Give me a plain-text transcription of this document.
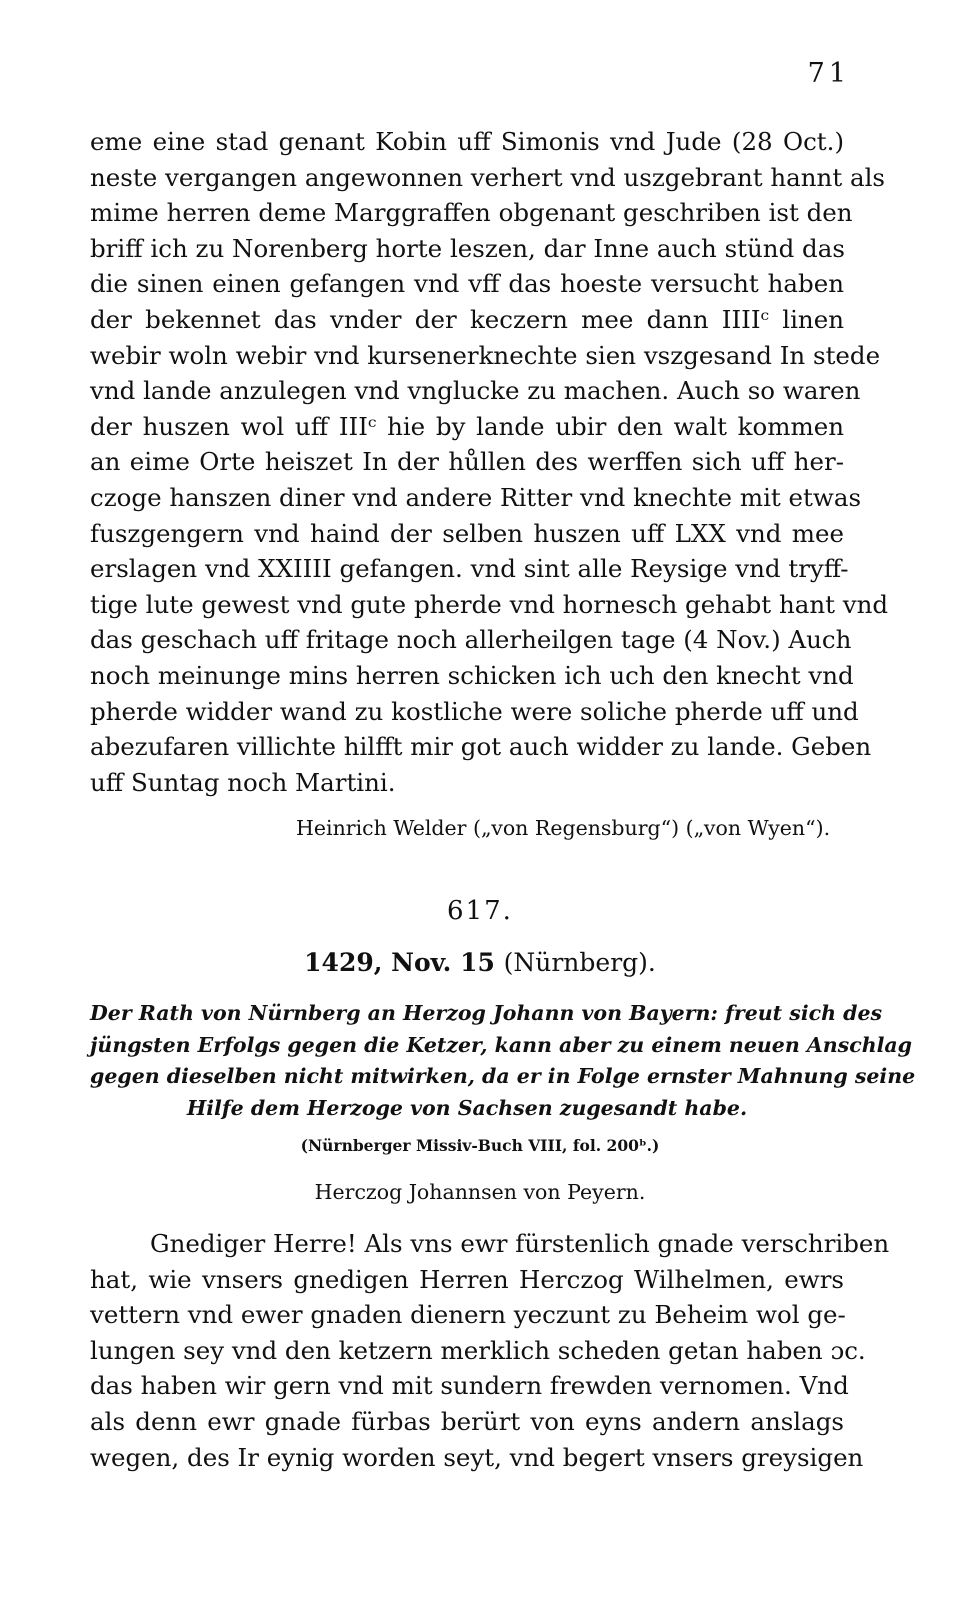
71
eme eine stad genant Kobin uff Simonis vnd Jude (28 Oct.)
neste vergangen angewonnen verhert vnd uszgebrant hannt als
mime herren deme Marggraffen obgenant geschriben ist den
briff ich zu Norenberg horte leszen, dar Inne auch stünd das
die sinen einen gefangen vnd vff das hoeste versucht haben
der bekennet das vnder der keczern mee dann IIIIᶜ linen
webir woln webir vnd kursenerknechte sien vszgesand In stede
vnd lande anzulegen vnd vnglucke zu machen. Auch so waren
der huszen wol uff IIIᶜ hie by lande ubir den walt kommen
an eime Orte heiszet In der hůllen des werffen sich uff her-
czoge hanszen diner vnd andere Ritter vnd knechte mit etwas
fuszgengern vnd haind der selben huszen uff LXX vnd mee
erslagen vnd XXIIII gefangen. vnd sint alle Reysige vnd tryff-
tige lute gewest vnd gute pherde vnd hornesch gehabt hant vnd
das geschach uff fritage noch allerheilgen tage (4 Nov.) Auch
noch meinunge mins herren schicken ich uch den knecht vnd
pherde widder wand zu kostliche were soliche pherde uff und
abezufaren villichte hilfft mir got auch widder zu lande. Geben
uff Suntag noch Martini.
Heinrich Welder („von Regensburg“) („von Wyen“).
617.
1429, Nov. 15 (Nürnberg).
Der Rath von Nürnberg an Herzog Johann von Bayern: freut sich des
jüngsten Erfolgs gegen die Ketzer, kann aber zu einem neuen Anschlag
gegen dieselben nicht mitwirken, da er in Folge ernster Mahnung seine
Hilfe dem Herzoge von Sachsen zugesandt habe.
(Nürnberger Missiv-Buch VIII, fol. 200ᵇ.)
Herczog Johannsen von Peyern.
Gnediger Herre! Als vns ewr fürstenlich gnade verschriben
hat, wie vnsers gnedigen Herren Herczog Wilhelmen, ewrs
vettern vnd ewer gnaden dienern yeczunt zu Beheim wol ge-
lungen sey vnd den ketzern merklich scheden getan haben ɔc.
das haben wir gern vnd mit sundern frewden vernomen. Vnd
als denn ewr gnade fürbas berürt von eyns andern anslags
wegen, des Ir eynig worden seyt, vnd begert vnsers greysigen
